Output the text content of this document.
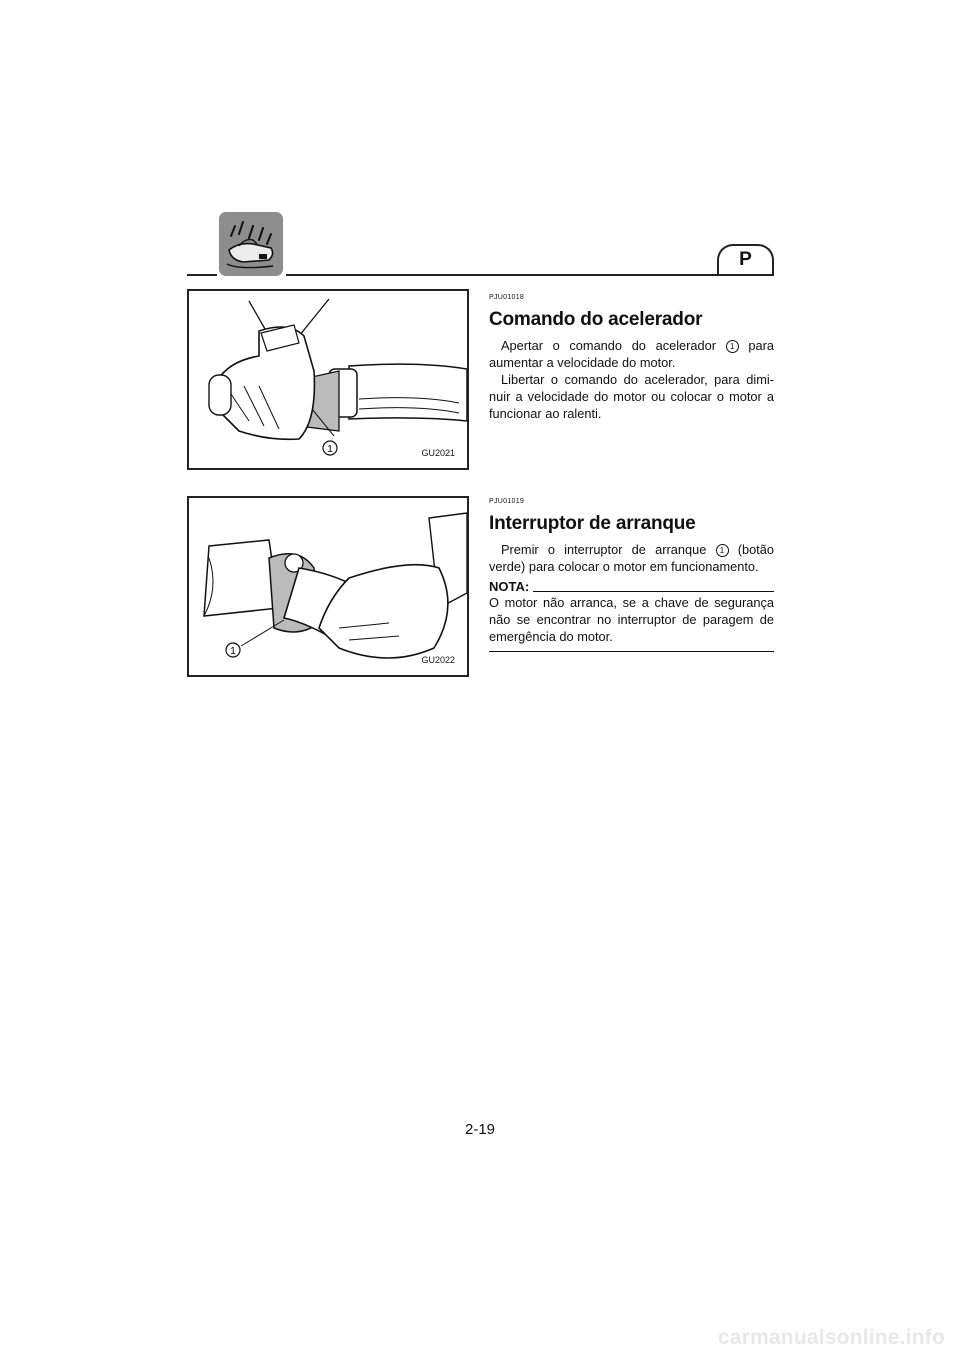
P
1	GU2021

PJU01018

Comando do acelerador

Apertar o comando do acelerador 1 para aumentar a velocidade do motor.

Libertar o comando do acelerador, para dimi-nuir a velocidade do motor ou colocar o motor a funcionar ao ralenti.

1
GU2022

PJU01019

Interruptor de arranque

Premir o interruptor de arranque 1 (botão verde) para colocar o motor em funcionamento.

NOTA:

O motor não arranca, se a chave de segurança não se encontrar no interruptor de paragem de emergência do motor.

2-19
carmanualsonline.info
